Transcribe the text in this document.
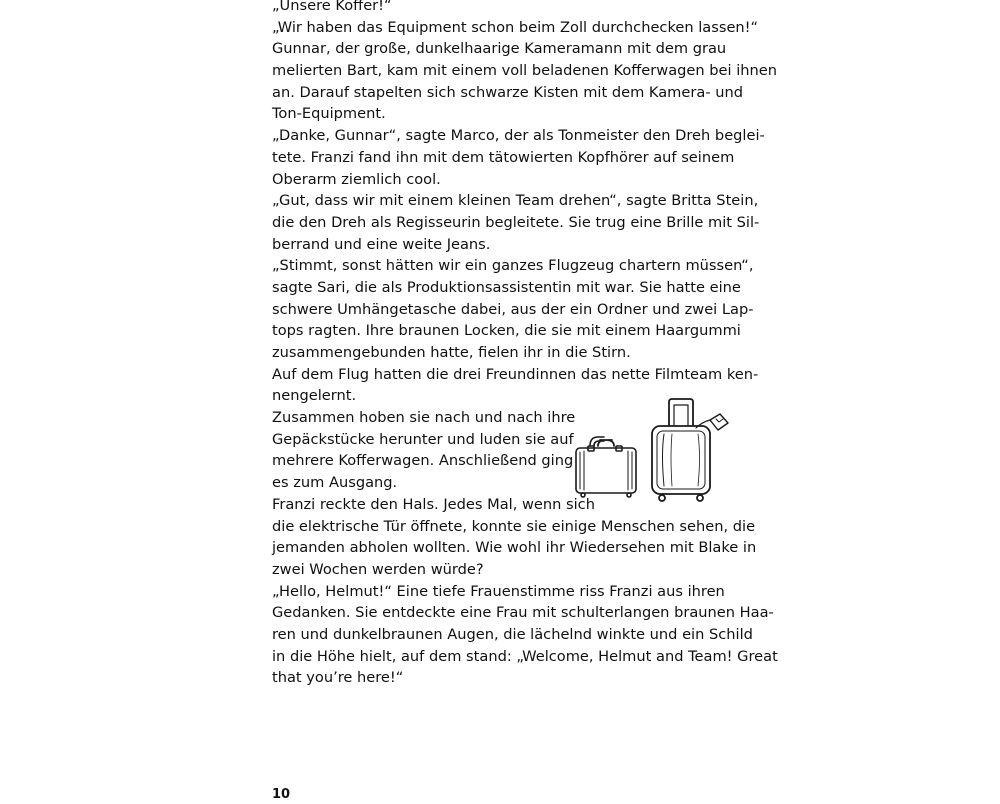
„Unsere Koffer!“
„Wir haben das Equipment schon beim Zoll durchchecken lassen!“
Gunnar, der große, dunkelhaarige Kameramann mit dem grau
melierten Bart, kam mit einem voll beladenen Kofferwagen bei ihnen
an. Darauf stapelten sich schwarze Kisten mit dem Kamera- und
Ton-Equipment.
„Danke, Gunnar“, sagte Marco, der als Tonmeister den Dreh beglei-
tete. Franzi fand ihn mit dem tätowierten Kopfhörer auf seinem
Oberarm ziemlich cool.
„Gut, dass wir mit einem kleinen Team drehen“, sagte Britta Stein,
die den Dreh als Regisseurin begleitete. Sie trug eine Brille mit Sil-
berrand und eine weite Jeans.
„Stimmt, sonst hätten wir ein ganzes Flugzeug chartern müssen“,
sagte Sari, die als Produktionsassistentin mit war. Sie hatte eine
schwere Umhängetasche dabei, aus der ein Ordner und zwei Lap-
tops ragten. Ihre braunen Locken, die sie mit einem Haargummi
zusammengebunden hatte, fielen ihr in die Stirn.
Auf dem Flug hatten die drei Freundinnen das nette Filmteam ken-
nengelernt.
Zusammen hoben sie nach und nach ihre
Gepäckstücke herunter und luden sie auf
mehrere Kofferwagen. Anschließend ging
es zum Ausgang.
Franzi reckte den Hals. Jedes Mal, wenn sich
die elektrische Tür öffnete, konnte sie einige Menschen sehen, die
jemanden abholen wollten. Wie wohl ihr Wiedersehen mit Blake in
zwei Wochen werden würde?
„Hello, Helmut!“ Eine tiefe Frauenstimme riss Franzi aus ihren
Gedanken. Sie entdeckte eine Frau mit schulterlangen braunen Haa-
ren und dunkelbraunen Augen, die lächelnd winkte und ein Schild
in die Höhe hielt, auf dem stand: „Welcome, Helmut and Team! Great
that you’re here!“
10
